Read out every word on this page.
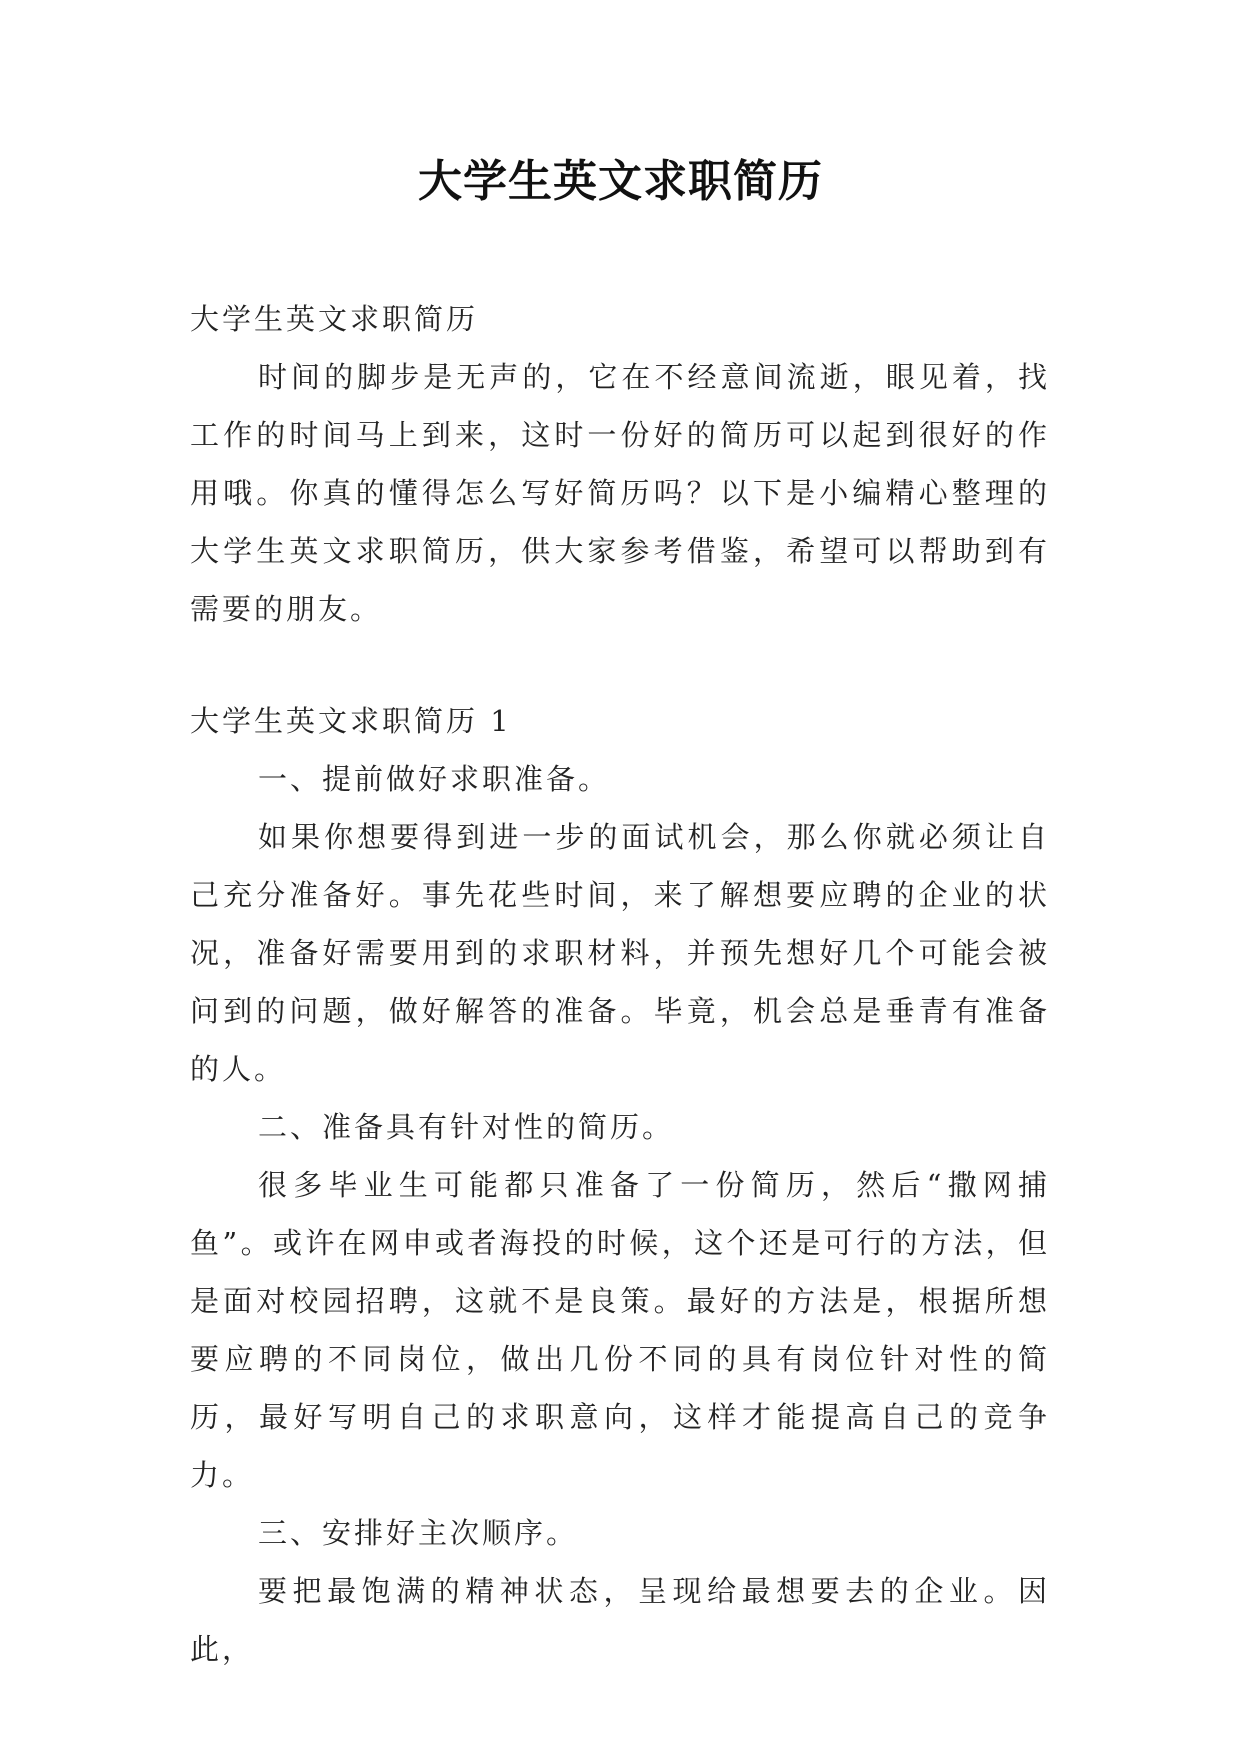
大学生英文求职简历

大学生英文求职简历

时间的脚步是无声的，它在不经意间流逝，眼见着，找工作的时间马上到来，这时一份好的简历可以起到很好的作用哦。你真的懂得怎么写好简历吗？以下是小编精心整理的大学生英文求职简历，供大家参考借鉴，希望可以帮助到有需要的朋友。

大学生英文求职简历 1

一、提前做好求职准备。

如果你想要得到进一步的面试机会，那么你就必须让自己充分准备好。事先花些时间，来了解想要应聘的企业的状况，准备好需要用到的求职材料，并预先想好几个可能会被问到的问题，做好解答的准备。毕竟，机会总是垂青有准备的人。

二、准备具有针对性的简历。

很多毕业生可能都只准备了一份简历，然后“撒网捕鱼”。或许在网申或者海投的时候，这个还是可行的方法，但是面对校园招聘，这就不是良策。最好的方法是，根据所想要应聘的不同岗位，做出几份不同的具有岗位针对性的简历，最好写明自己的求职意向，这样才能提高自己的竞争力。

三、安排好主次顺序。

要把最饱满的精神状态，呈现给最想要去的企业。因此，
